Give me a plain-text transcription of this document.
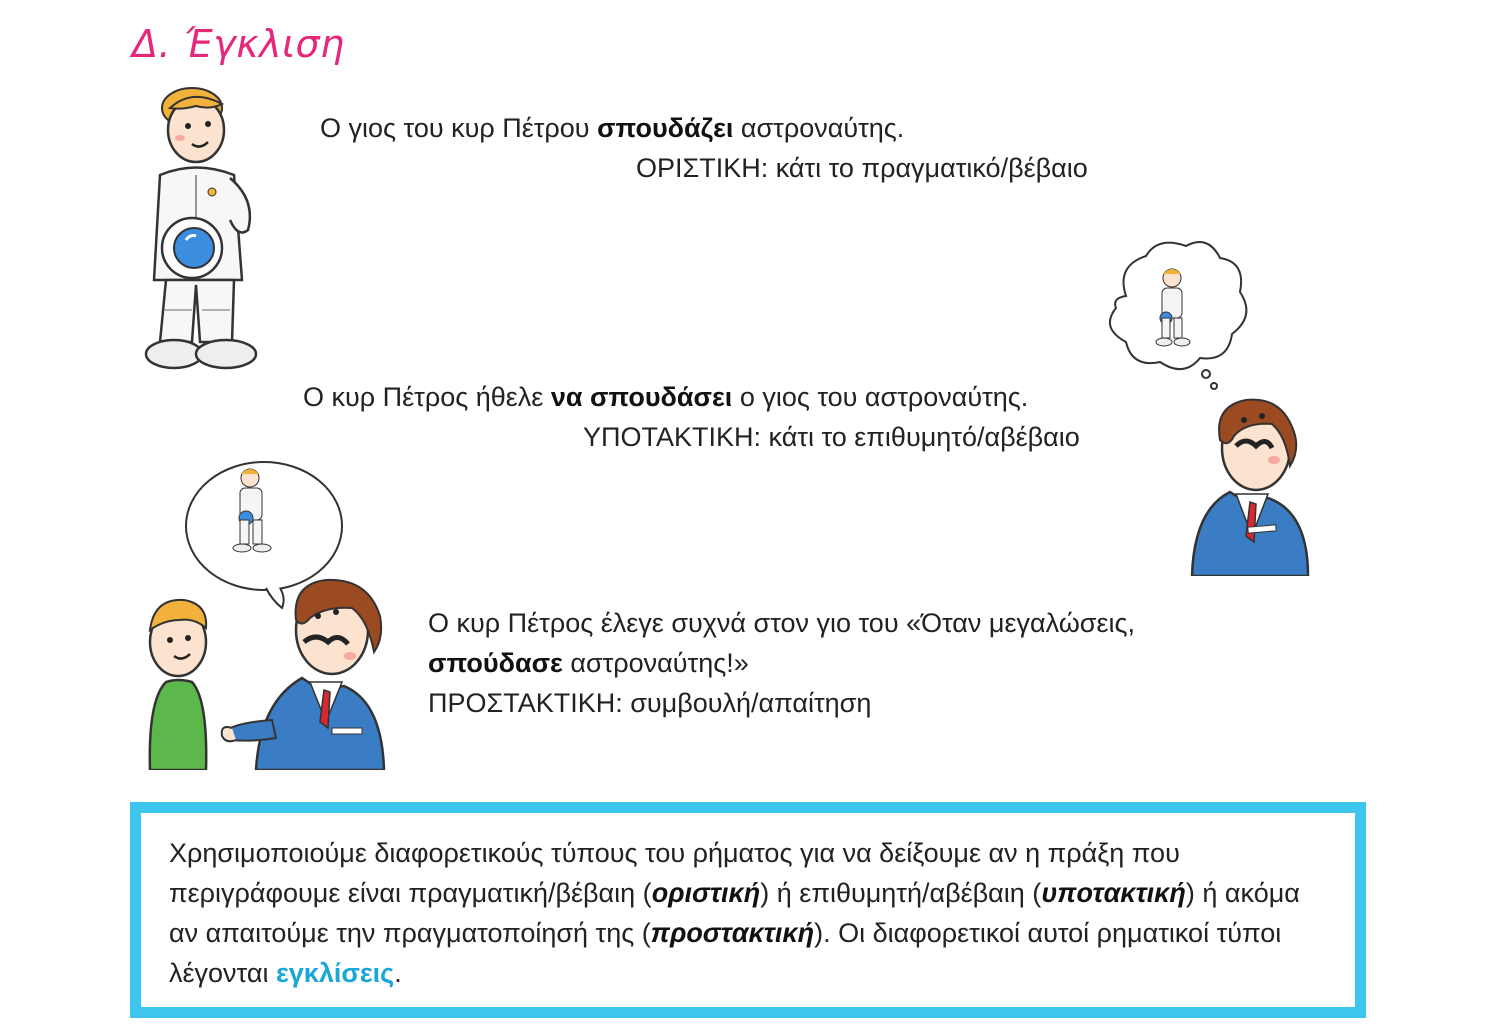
Δ. Έγκλιση
Ο γιος του κυρ Πέτρου σπουδάζει αστροναύτης.
ΟΡΙΣΤΙΚΗ: κάτι το πραγματικό/βέβαιο
Ο κυρ Πέτρος ήθελε να σπουδάσει ο γιος του αστροναύτης.
ΥΠΟΤΑΚΤΙΚΗ: κάτι το επιθυμητό/αβέβαιο
Ο κυρ Πέτρος έλεγε συχνά στον γιο του «Όταν μεγαλώσεις,
σπούδασε αστροναύτης!»
ΠΡΟΣΤΑΚΤΙΚΗ: συμβουλή/απαίτηση
Χρησιμοποιούμε διαφορετικούς τύπους του ρήματος για να δείξουμε αν η πράξη που περιγράφουμε είναι πραγματική/βέβαιη (οριστική) ή επιθυμητή/αβέβαιη (υποτακτική) ή ακόμα αν απαιτούμε την πραγματοποίησή της (προστακτική). Οι διαφορετικοί αυτοί ρηματικοί τύποι λέγονται εγκλίσεις.
